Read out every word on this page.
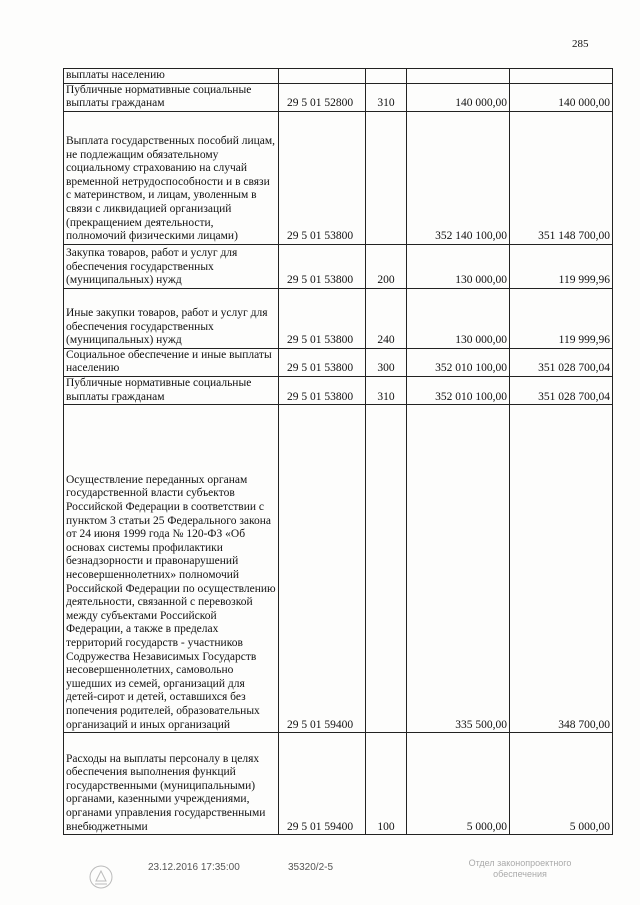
285
выплаты населению				
Публичные нормативные социальные выплаты гражданам	29 5 01 52800	310	140 000,00	140 000,00
Выплата государственных пособий лицам, не подлежащим обязательному социальному страхованию на случай временной нетрудоспособности и в связи с материнством, и лицам, уволенным в связи с ликвидацией организаций (прекращением деятельности, полномочий физическими лицами)	29 5 01 53800		352 140 100,00	351 148 700,00
Закупка товаров, работ и услуг для обеспечения государственных (муниципальных) нужд	29 5 01 53800	200	130 000,00	119 999,96
Иные закупки товаров, работ и услуг для обеспечения государственных (муниципальных) нужд	29 5 01 53800	240	130 000,00	119 999,96
Социальное обеспечение и иные выплаты населению	29 5 01 53800	300	352 010 100,00	351 028 700,04
Публичные нормативные социальные выплаты гражданам	29 5 01 53800	310	352 010 100,00	351 028 700,04
Осуществление переданных органам государственной власти субъектов Российской Федерации в соответствии с пунктом 3 статьи 25 Федерального закона от 24 июня 1999 года № 120-ФЗ «Об основах системы профилактики безнадзорности и правонарушений несовершеннолетних» полномочий Российской Федерации по осуществлению деятельности, связанной с перевозкой между субъектами Российской Федерации, а также в пределах территорий государств - участников Содружества Независимых Государств несовершеннолетних, самовольно ушедших из семей, организаций для детей-сирот и детей, оставшихся без попечения родителей, образовательных организаций и иных организаций	29 5 01 59400		335 500,00	348 700,00
Расходы на выплаты персоналу в целях обеспечения выполнения функций государственными (муниципальными) органами, казенными учреждениями, органами управления государственными внебюджетными	29 5 01 59400	100	5 000,00	5 000,00
23.12.2016 17:35:00	35320/2-5	Отдел законопроектного
обеспечения
